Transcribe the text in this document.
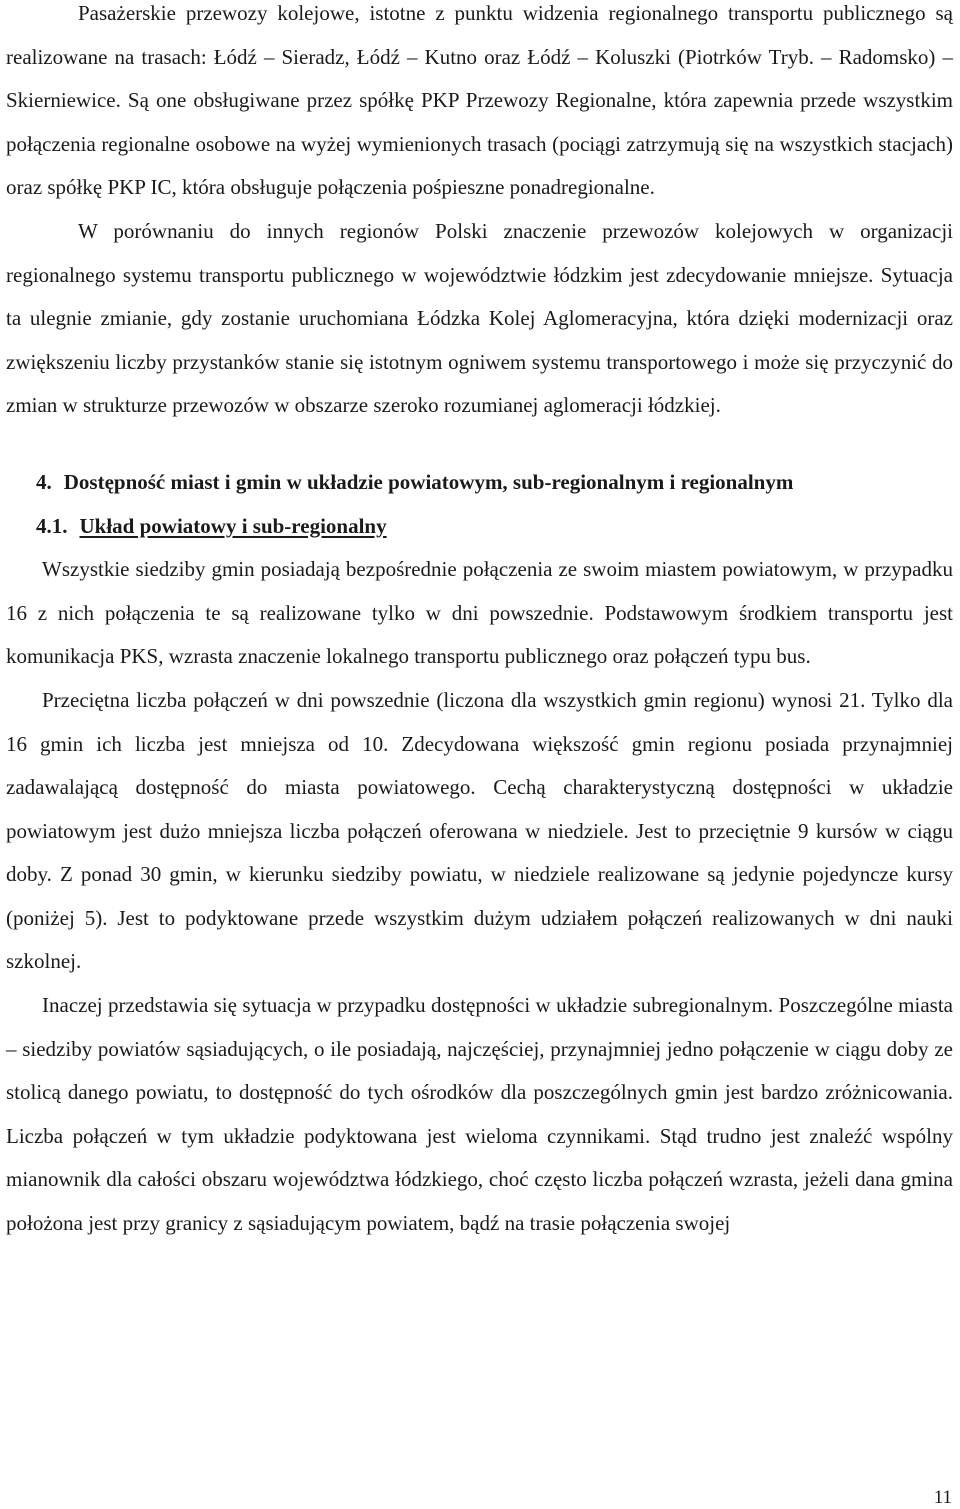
Pasażerskie przewozy kolejowe, istotne z punktu widzenia regionalnego transportu publicznego są realizowane na trasach: Łódź – Sieradz, Łódź – Kutno oraz Łódź – Koluszki (Piotrków Tryb. – Radomsko) – Skierniewice. Są one obsługiwane przez spółkę PKP Przewozy Regionalne, która zapewnia przede wszystkim połączenia regionalne osobowe na wyżej wymienionych trasach (pociągi zatrzymują się na wszystkich stacjach) oraz spółkę PKP IC, która obsługuje połączenia pośpieszne ponadregionalne.

W porównaniu do innych regionów Polski znaczenie przewozów kolejowych w organizacji regionalnego systemu transportu publicznego w województwie łódzkim jest zdecydowanie mniejsze. Sytuacja ta ulegnie zmianie, gdy zostanie uruchomiana Łódzka Kolej Aglomeracyjna, która dzięki modernizacji oraz zwiększeniu liczby przystanków stanie się istotnym ogniwem systemu transportowego i może się przyczynić do zmian w strukturze przewozów w obszarze szeroko rozumianej aglomeracji łódzkiej.

4. Dostępność miast i gmin w układzie powiatowym, sub-regionalnym i regionalnym

4.1. Układ powiatowy i sub-regionalny

Wszystkie siedziby gmin posiadają bezpośrednie połączenia ze swoim miastem powiatowym, w przypadku 16 z nich połączenia te są realizowane tylko w dni powszednie. Podstawowym środkiem transportu jest komunikacja PKS, wzrasta znaczenie lokalnego transportu publicznego oraz połączeń typu bus.

Przeciętna liczba połączeń w dni powszednie (liczona dla wszystkich gmin regionu) wynosi 21. Tylko dla 16 gmin ich liczba jest mniejsza od 10. Zdecydowana większość gmin regionu posiada przynajmniej zadawalającą dostępność do miasta powiatowego. Cechą charakterystyczną dostępności w układzie powiatowym jest dużo mniejsza liczba połączeń oferowana w niedziele. Jest to przeciętnie 9 kursów w ciągu doby. Z ponad 30 gmin, w kierunku siedziby powiatu, w niedziele realizowane są jedynie pojedyncze kursy (poniżej 5). Jest to podyktowane przede wszystkim dużym udziałem połączeń realizowanych w dni nauki szkolnej.

Inaczej przedstawia się sytuacja w przypadku dostępności w układzie subregionalnym. Poszczególne miasta – siedziby powiatów sąsiadujących, o ile posiadają, najczęściej, przynajmniej jedno połączenie w ciągu doby ze stolicą danego powiatu, to dostępność do tych ośrodków dla poszczególnych gmin jest bardzo zróżnicowania. Liczba połączeń w tym układzie podyktowana jest wieloma czynnikami. Stąd trudno jest znaleźć wspólny mianownik dla całości obszaru województwa łódzkiego, choć często liczba połączeń wzrasta, jeżeli dana gmina położona jest przy granicy z sąsiadującym powiatem, bądź na trasie połączenia swojej

11
